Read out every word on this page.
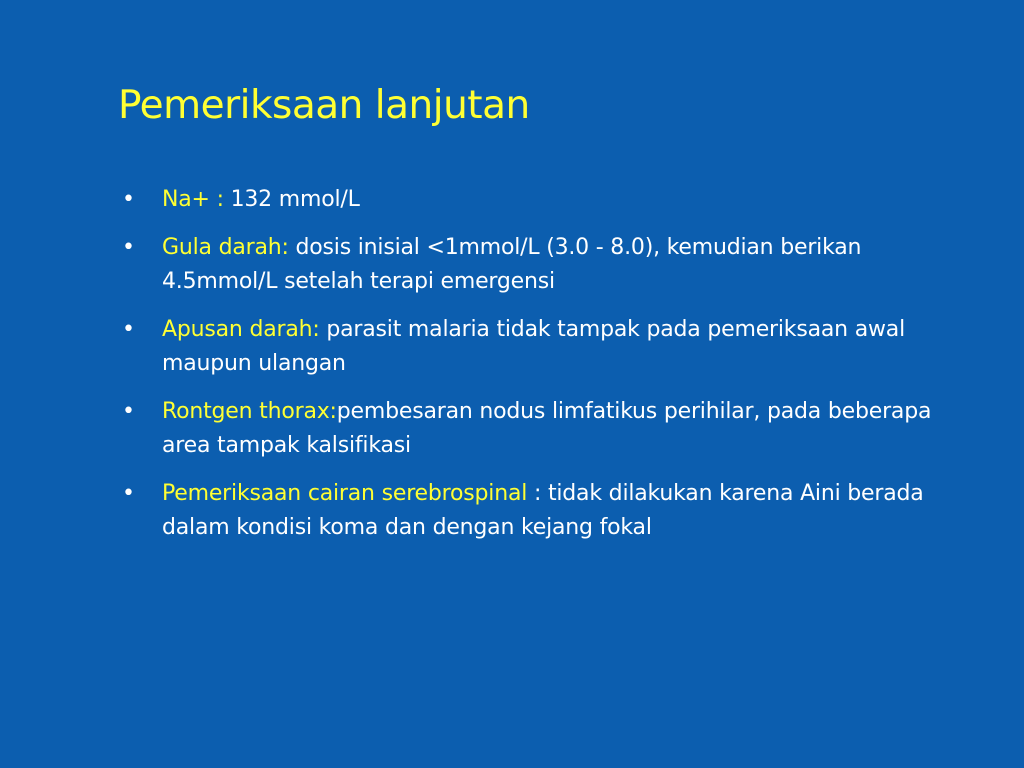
Pemeriksaan lanjutan
•	Na+ : 132 mmol/L
•	Gula darah: dosis inisial <1mmol/L (3.0 - 8.0), kemudian berikan 4.5mmol/L setelah terapi emergensi
•	Apusan darah: parasit malaria tidak tampak pada pemeriksaan awal maupun ulangan
•	Rontgen thorax:pembesaran nodus limfatikus perihilar, pada beberapa area tampak kalsifikasi
•	Pemeriksaan cairan serebrospinal : tidak dilakukan karena Aini berada dalam kondisi koma dan dengan kejang fokal
